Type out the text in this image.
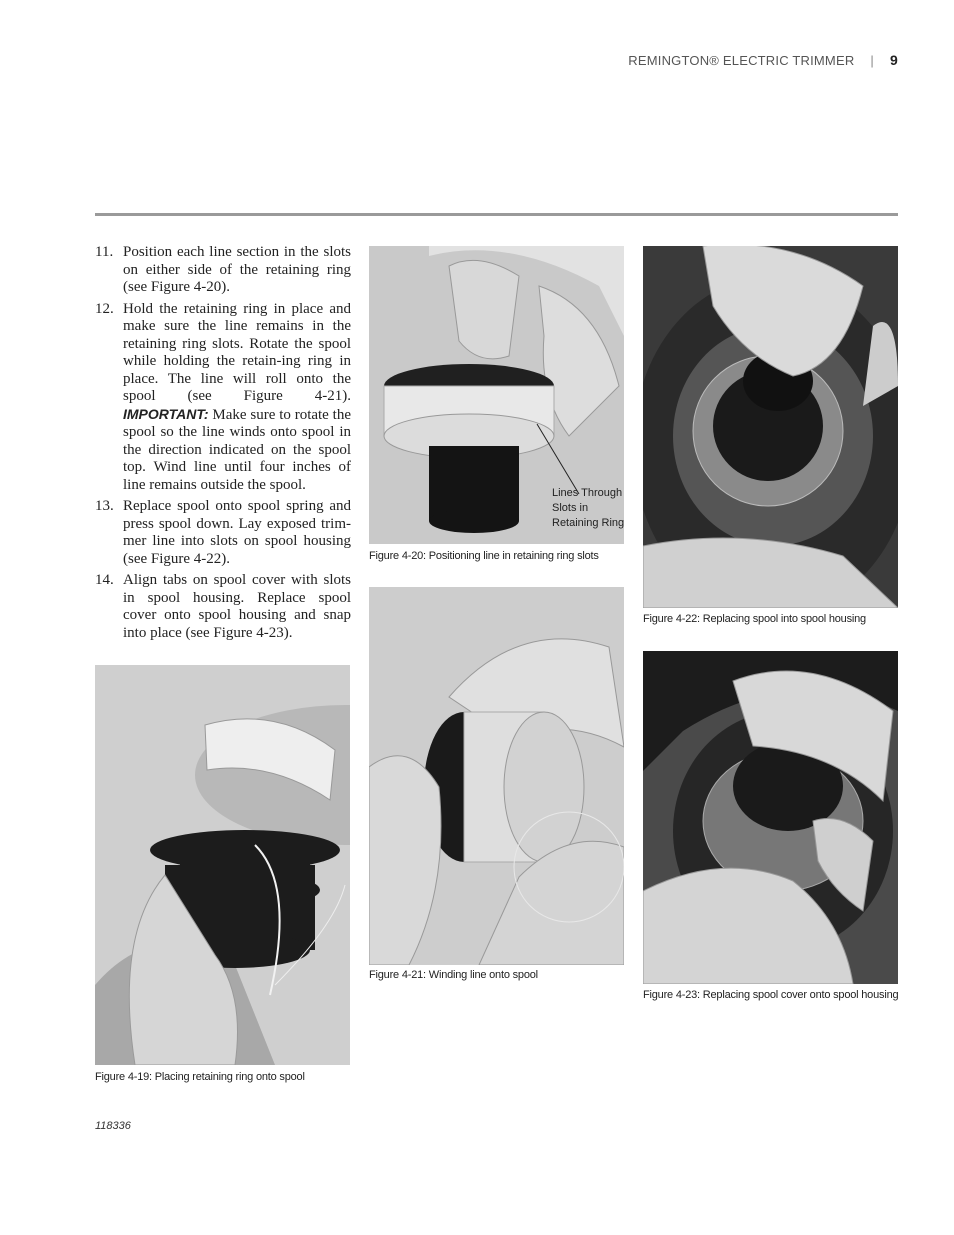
REMINGTON® ELECTRIC TRIMMER | 9
11. Position each line section in the slots on either side of the retaining ring (see Figure 4-20).
12. Hold the retaining ring in place and make sure the line remains in the retaining ring slots. Rotate the spool while holding the retain-ing ring in place. The line will roll onto the spool (see Figure 4-21). IMPORTANT: Make sure to rotate the spool so the line winds onto spool in the direction indicated on the spool top. Wind line until four inches of line remains outside the spool.
13. Replace spool onto spool spring and press spool down. Lay exposed trim-mer line into slots on spool housing (see Figure 4-22).
14. Align tabs on spool cover with slots in spool housing. Replace spool cover onto spool housing and snap into place (see Figure 4-23).
Figure 4-19: Placing retaining ring onto spool
Lines Through
Slots in
Retaining Ring
Figure 4-20: Positioning line in retaining ring slots
Figure 4-21: Winding line onto spool
Figure 4-22: Replacing spool into spool housing
Figure 4-23: Replacing spool cover onto spool housing
118336
